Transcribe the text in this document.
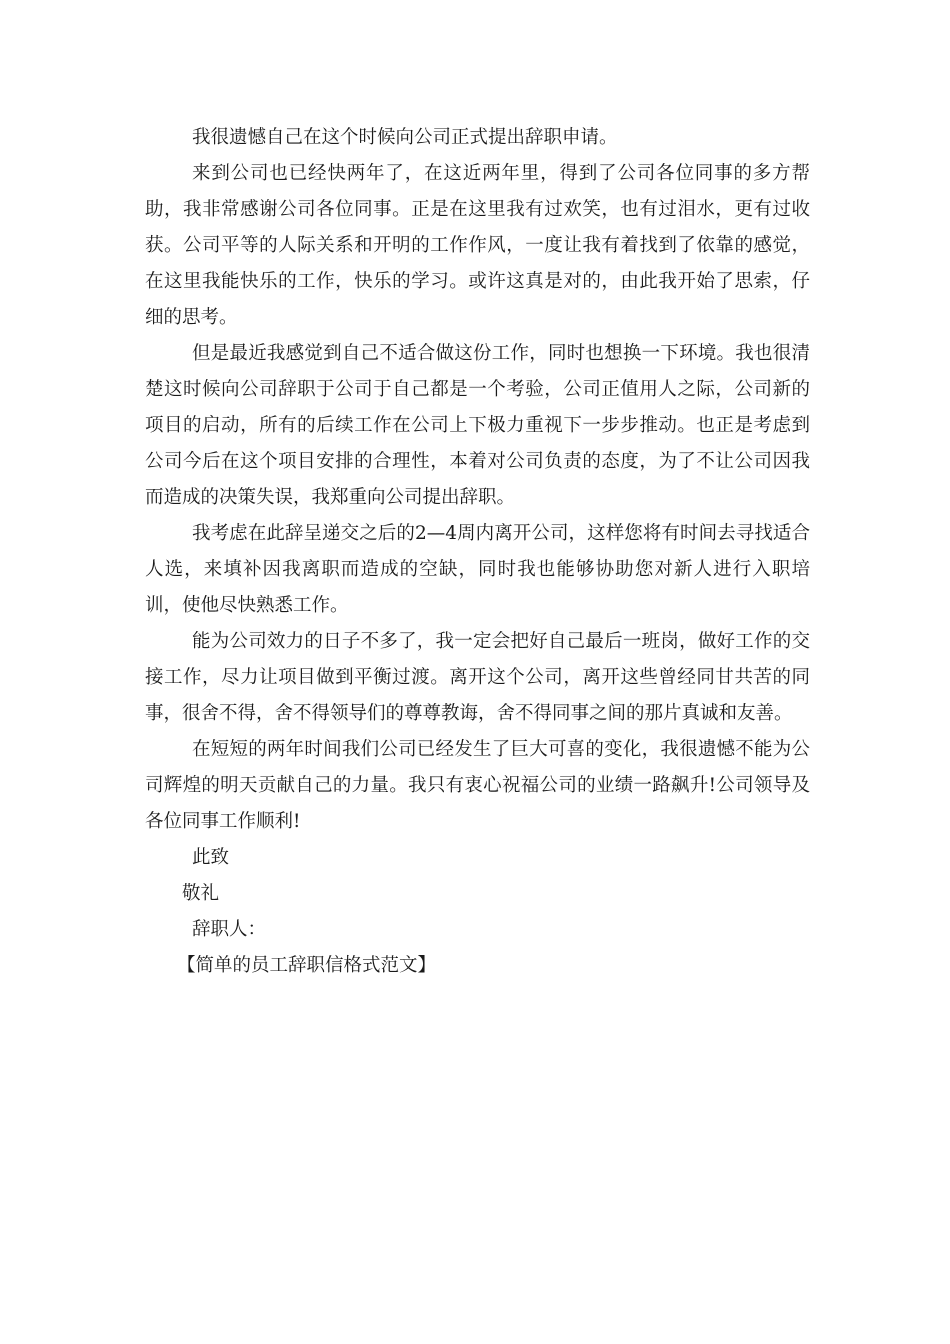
我很遗憾自己在这个时候向公司正式提出辞职申请。

来到公司也已经快两年了，在这近两年里，得到了公司各位同事的多方帮助，我非常感谢公司各位同事。正是在这里我有过欢笑，也有过泪水，更有过收获。公司平等的人际关系和开明的工作作风，一度让我有着找到了依靠的感觉，在这里我能快乐的工作，快乐的学习。或许这真是对的，由此我开始了思索，仔细的思考。

但是最近我感觉到自己不适合做这份工作，同时也想换一下环境。我也很清楚这时候向公司辞职于公司于自己都是一个考验，公司正值用人之际，公司新的项目的启动，所有的后续工作在公司上下极力重视下一步步推动。也正是考虑到公司今后在这个项目安排的合理性，本着对公司负责的态度，为了不让公司因我而造成的决策失误，我郑重向公司提出辞职。

我考虑在此辞呈递交之后的2—4周内离开公司，这样您将有时间去寻找适合人选，来填补因我离职而造成的空缺，同时我也能够协助您对新人进行入职培训，使他尽快熟悉工作。

能为公司效力的日子不多了，我一定会把好自己最后一班岗，做好工作的交接工作，尽力让项目做到平衡过渡。离开这个公司，离开这些曾经同甘共苦的同事，很舍不得，舍不得领导们的尊尊教诲，舍不得同事之间的那片真诚和友善。

在短短的两年时间我们公司已经发生了巨大可喜的变化，我很遗憾不能为公司辉煌的明天贡献自己的力量。我只有衷心祝福公司的业绩一路飙升!公司领导及各位同事工作顺利!

此致

敬礼

辞职人：

【简单的员工辞职信格式范文】
